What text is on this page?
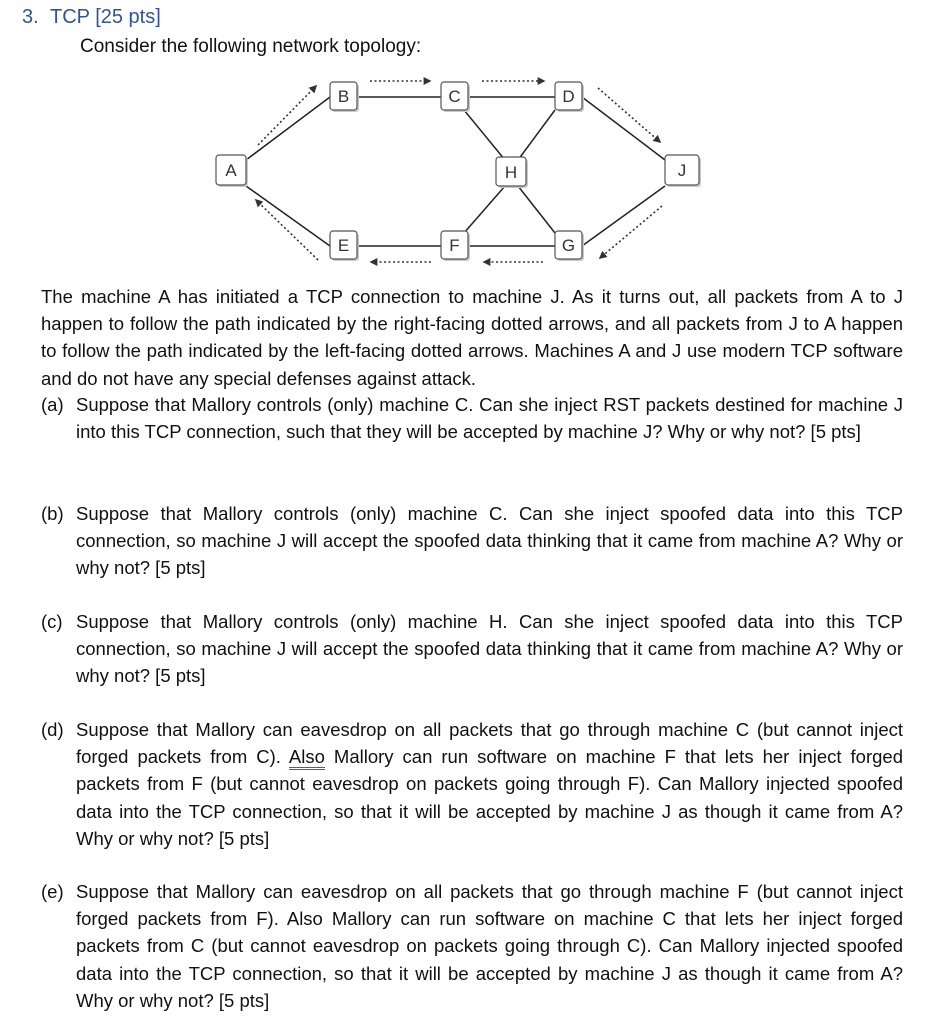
3. TCP [25 pts]
Consider the following network topology:
A
B	C	D
H	J
E	F	G
The machine A has initiated a TCP connection to machine J. As it turns out, all packets from A to J happen to follow the path indicated by the right-facing dotted arrows, and all packets from J to A happen to follow the path indicated by the left-facing dotted arrows. Machines A and J use modern TCP software and do not have any special defenses against attack.
(a) Suppose that Mallory controls (only) machine C. Can she inject RST packets destined for machine J into this TCP connection, such that they will be accepted by machine J? Why or why not? [5 pts]
(b) Suppose that Mallory controls (only) machine C. Can she inject spoofed data into this TCP connection, so machine J will accept the spoofed data thinking that it came from machine A? Why or why not? [5 pts]
(c) Suppose that Mallory controls (only) machine H. Can she inject spoofed data into this TCP connection, so machine J will accept the spoofed data thinking that it came from machine A? Why or why not? [5 pts]
(d) Suppose that Mallory can eavesdrop on all packets that go through machine C (but cannot inject forged packets from C). Also Mallory can run software on machine F that lets her inject forged packets from F (but cannot eavesdrop on packets going through F). Can Mallory injected spoofed data into the TCP connection, so that it will be accepted by machine J as though it came from A? Why or why not? [5 pts]
(e) Suppose that Mallory can eavesdrop on all packets that go through machine F (but cannot inject forged packets from F). Also Mallory can run software on machine C that lets her inject forged packets from C (but cannot eavesdrop on packets going through C). Can Mallory injected spoofed data into the TCP connection, so that it will be accepted by machine J as though it came from A? Why or why not? [5 pts]
